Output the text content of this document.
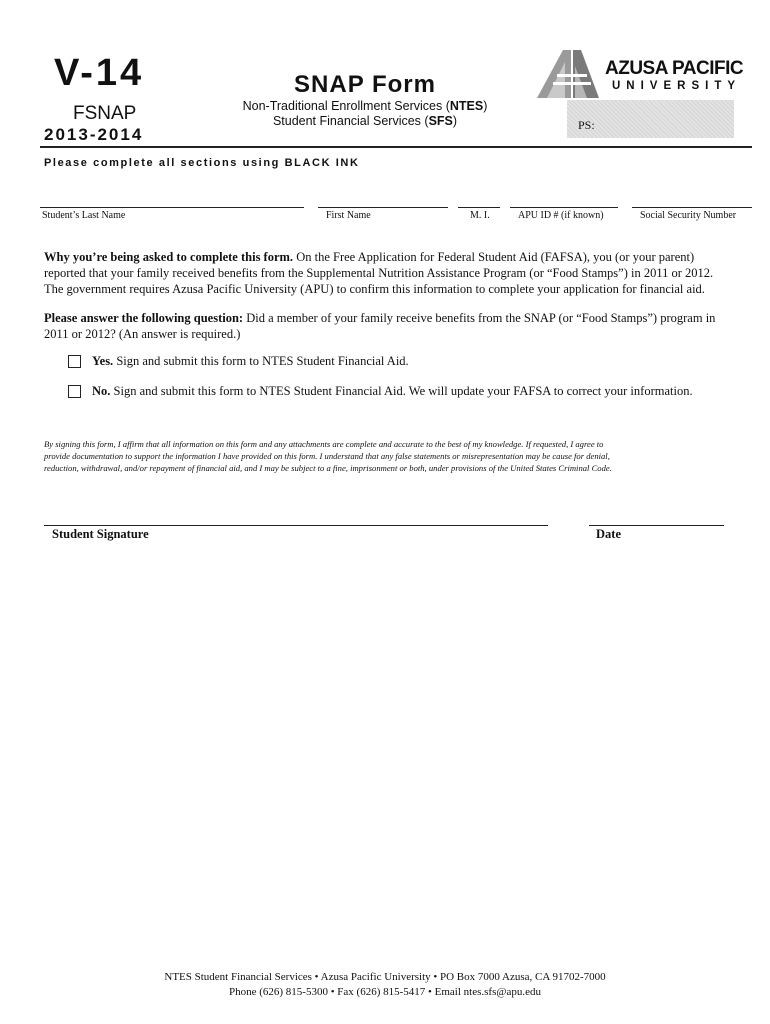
V-14
FSNAP
2013-2014
SNAP Form
Non-Traditional Enrollment Services (NTES)
Student Financial Services (SFS)
AZUSA PACIFIC
UNIVERSITY
PS:
Please complete all sections using BLACK INK
Student’s Last Name	First Name	M. I.	APU ID # (if known)	Social Security Number
Why you’re being asked to complete this form. On the Free Application for Federal Student Aid (FAFSA), you (or your parent)
reported that your family received benefits from the Supplemental Nutrition Assistance Program (or “Food Stamps”) in 2011 or 2012.
The government requires Azusa Pacific University (APU) to confirm this information to complete your application for financial aid.
Please answer the following question: Did a member of your family receive benefits from the SNAP (or “Food Stamps”) program in
2011 or 2012? (An answer is required.)
Yes. Sign and submit this form to NTES Student Financial Aid.
No. Sign and submit this form to NTES Student Financial Aid. We will update your FAFSA to correct your information.
By signing this form, I affirm that all information on this form and any attachments are complete and accurate to the best of my knowledge. If requested, I agree to
provide documentation to support the information I have provided on this form. I understand that any false statements or misrepresentation may be cause for denial,
reduction, withdrawal, and/or repayment of financial aid, and I may be subject to a fine, imprisonment or both, under provisions of the United States Criminal Code.
Student Signature	Date
NTES Student Financial Services • Azusa Pacific University • PO Box 7000 Azusa, CA 91702-7000
Phone (626) 815-5300 • Fax (626) 815-5417 • Email ntes.sfs@apu.edu
